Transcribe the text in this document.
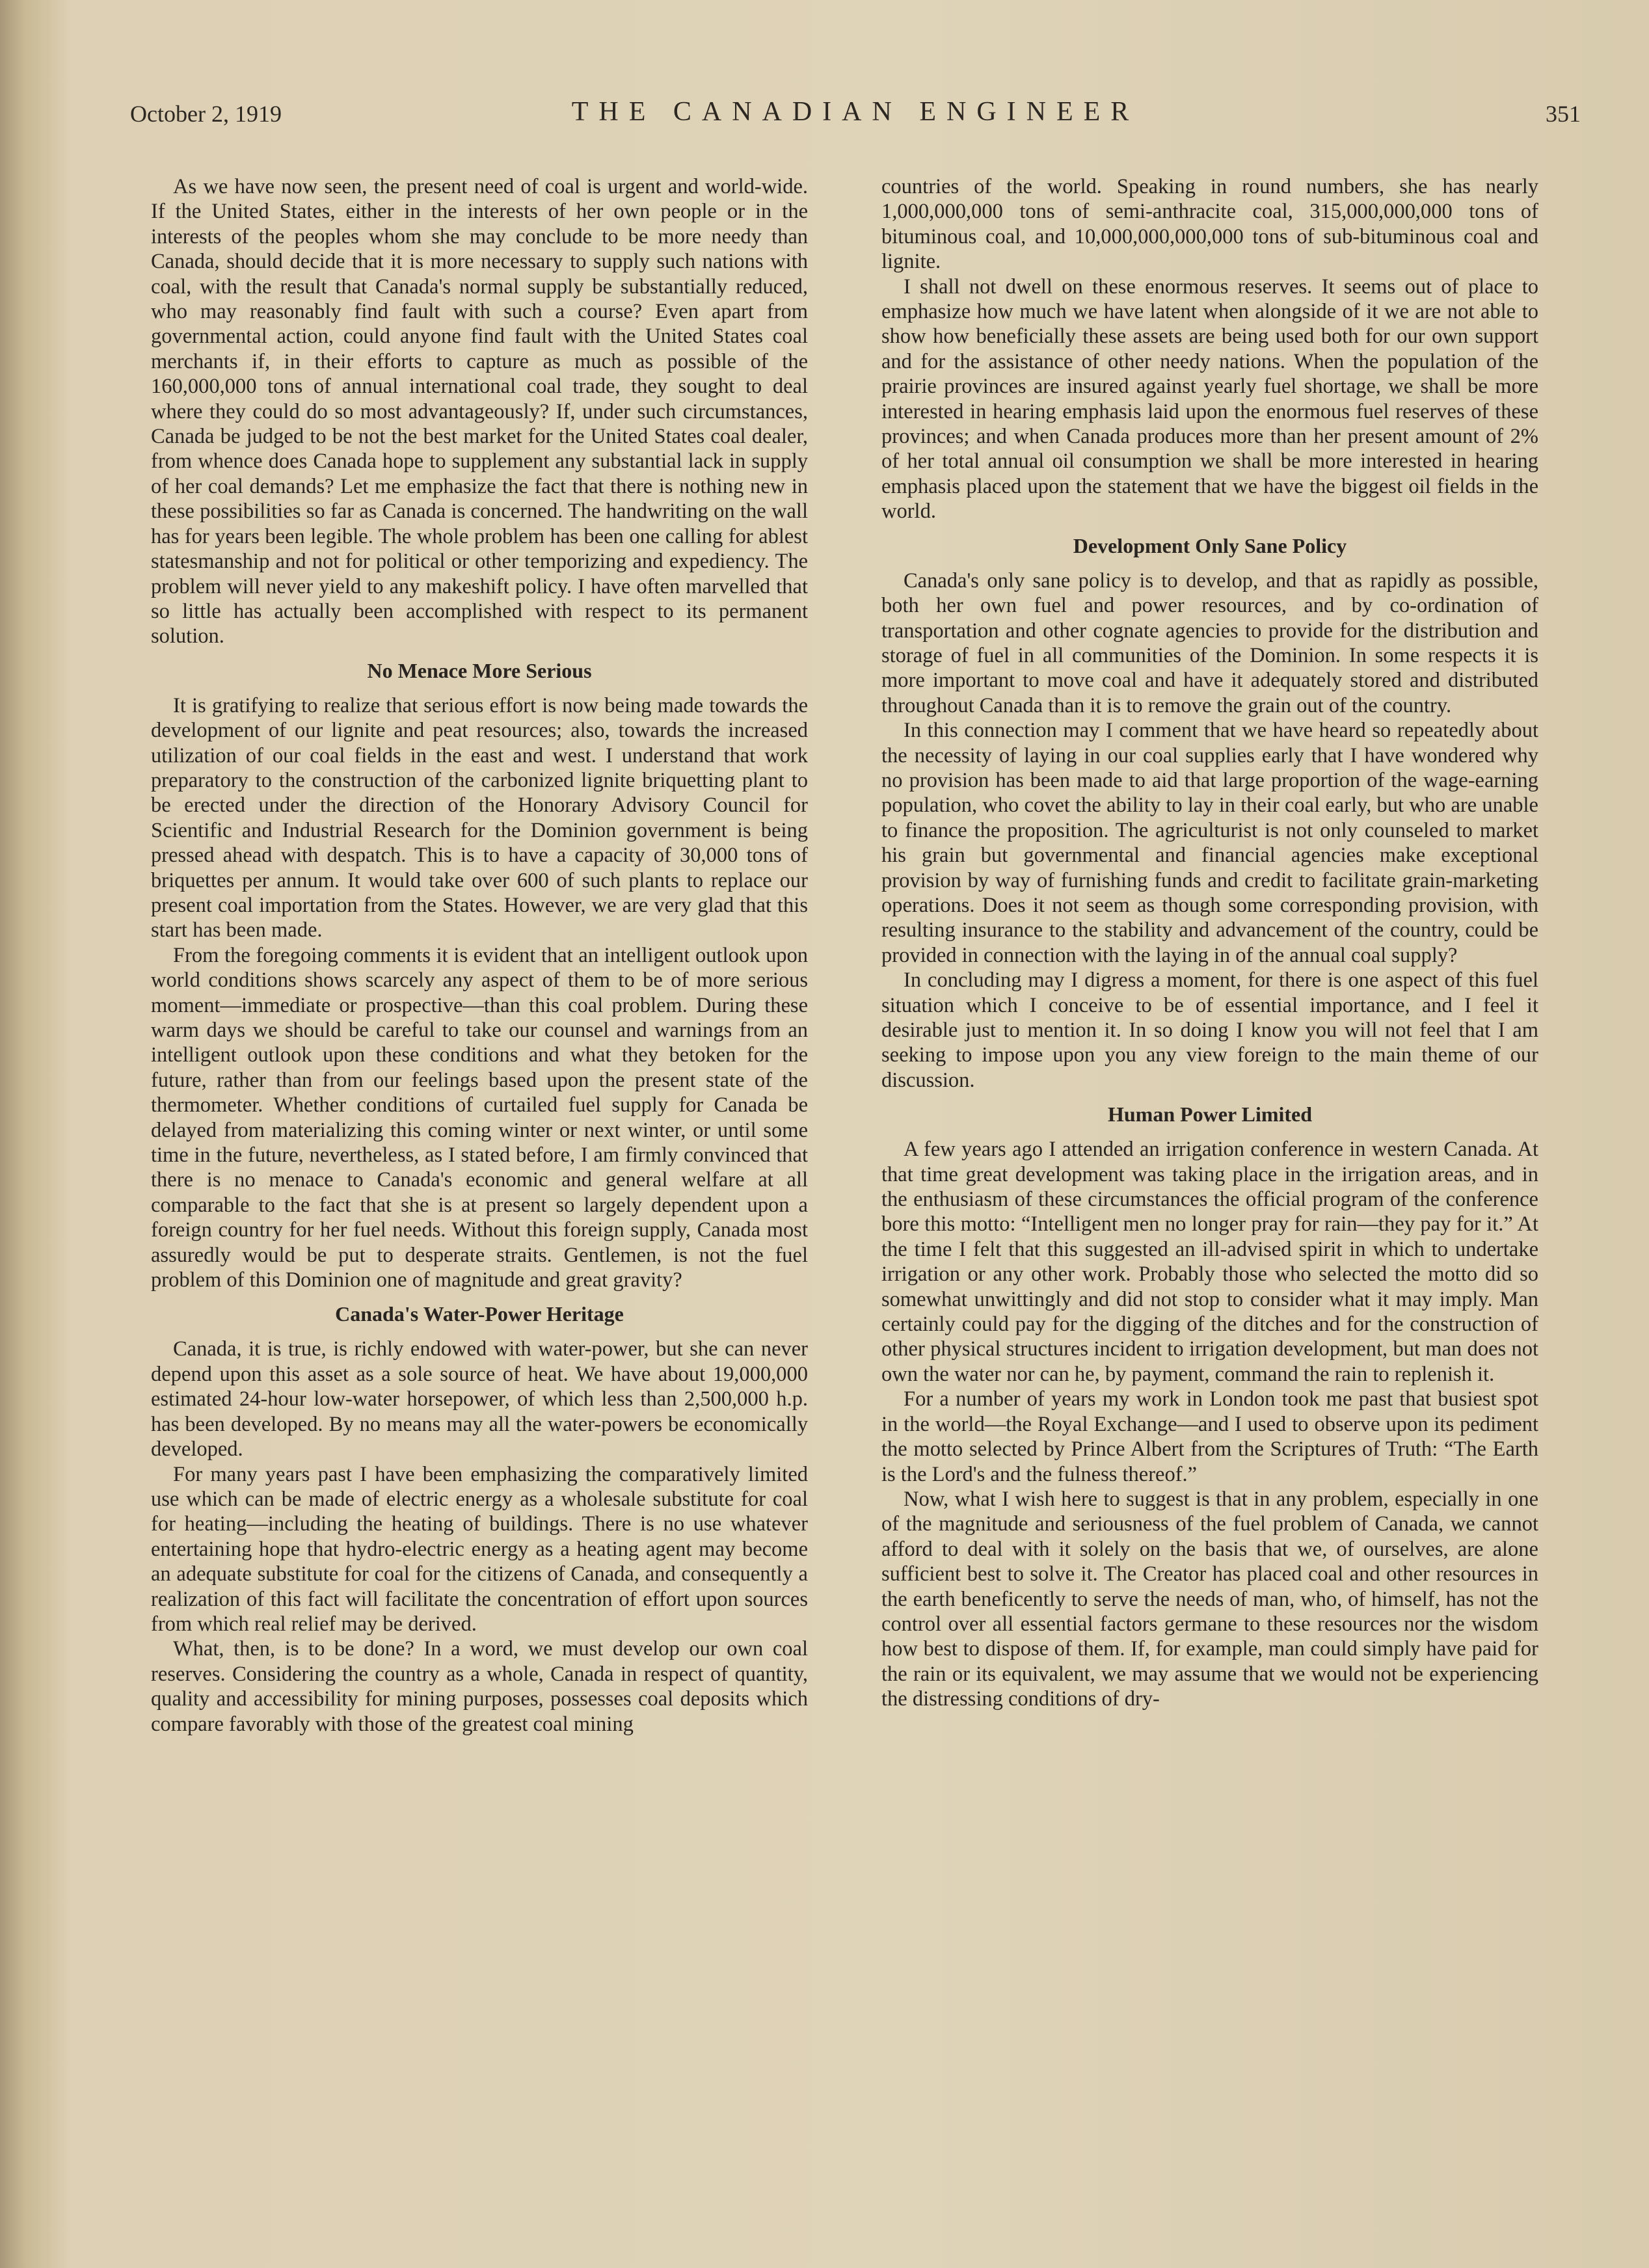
October 2, 1919	THE CANADIAN ENGINEER	351

As we have now seen, the present need of coal is urgent and world-wide. If the United States, either in the interests of her own people or in the interests of the peoples whom she may conclude to be more needy than Canada, should decide that it is more necessary to supply such nations with coal, with the result that Canada's normal supply be substantially reduced, who may reasonably find fault with such a course? Even apart from governmental action, could anyone find fault with the United States coal merchants if, in their efforts to capture as much as possible of the 160,000,000 tons of annual international coal trade, they sought to deal where they could do so most advantageously? If, under such circumstances, Canada be judged to be not the best market for the United States coal dealer, from whence does Canada hope to supplement any substantial lack in supply of her coal demands? Let me emphasize the fact that there is nothing new in these possibilities so far as Canada is concerned. The handwriting on the wall has for years been legible. The whole problem has been one calling for ablest statesmanship and not for political or other temporizing and expediency. The problem will never yield to any makeshift policy. I have often marvelled that so little has actually been accomplished with respect to its permanent solution.

No Menace More Serious

It is gratifying to realize that serious effort is now being made towards the development of our lignite and peat resources; also, towards the increased utilization of our coal fields in the east and west. I understand that work preparatory to the construction of the carbonized lignite briquetting plant to be erected under the direction of the Honorary Advisory Council for Scientific and Industrial Research for the Dominion government is being pressed ahead with despatch. This is to have a capacity of 30,000 tons of briquettes per annum. It would take over 600 of such plants to replace our present coal importation from the States. However, we are very glad that this start has been made.

From the foregoing comments it is evident that an intelligent outlook upon world conditions shows scarcely any aspect of them to be of more serious moment—immediate or prospective—than this coal problem. During these warm days we should be careful to take our counsel and warnings from an intelligent outlook upon these conditions and what they betoken for the future, rather than from our feelings based upon the present state of the thermometer. Whether conditions of curtailed fuel supply for Canada be delayed from materializing this coming winter or next winter, or until some time in the future, nevertheless, as I stated before, I am firmly convinced that there is no menace to Canada's economic and general welfare at all comparable to the fact that she is at present so largely dependent upon a foreign country for her fuel needs. Without this foreign supply, Canada most assuredly would be put to desperate straits. Gentlemen, is not the fuel problem of this Dominion one of magnitude and great gravity?

Canada's Water-Power Heritage

Canada, it is true, is richly endowed with water-power, but she can never depend upon this asset as a sole source of heat. We have about 19,000,000 estimated 24-hour low-water horsepower, of which less than 2,500,000 h.p. has been developed. By no means may all the water-powers be economically developed.

For many years past I have been emphasizing the comparatively limited use which can be made of electric energy as a wholesale substitute for coal for heating—including the heating of buildings. There is no use whatever entertaining hope that hydro-electric energy as a heating agent may become an adequate substitute for coal for the citizens of Canada, and consequently a realization of this fact will facilitate the concentration of effort upon sources from which real relief may be derived.

What, then, is to be done? In a word, we must develop our own coal reserves. Considering the country as a whole, Canada in respect of quantity, quality and accessibility for mining purposes, possesses coal deposits which compare favorably with those of the greatest coal mining

countries of the world. Speaking in round numbers, she has nearly 1,000,000,000 tons of semi-anthracite coal, 315,000,000,000 tons of bituminous coal, and 10,000,000,000,000 tons of sub-bituminous coal and lignite.

I shall not dwell on these enormous reserves. It seems out of place to emphasize how much we have latent when alongside of it we are not able to show how beneficially these assets are being used both for our own support and for the assistance of other needy nations. When the population of the prairie provinces are insured against yearly fuel shortage, we shall be more interested in hearing emphasis laid upon the enormous fuel reserves of these provinces; and when Canada produces more than her present amount of 2% of her total annual oil consumption we shall be more interested in hearing emphasis placed upon the statement that we have the biggest oil fields in the world.

Development Only Sane Policy

Canada's only sane policy is to develop, and that as rapidly as possible, both her own fuel and power resources, and by co-ordination of transportation and other cognate agencies to provide for the distribution and storage of fuel in all communities of the Dominion. In some respects it is more important to move coal and have it adequately stored and distributed throughout Canada than it is to remove the grain out of the country.

In this connection may I comment that we have heard so repeatedly about the necessity of laying in our coal supplies early that I have wondered why no provision has been made to aid that large proportion of the wage-earning population, who covet the ability to lay in their coal early, but who are unable to finance the proposition. The agriculturist is not only counseled to market his grain but governmental and financial agencies make exceptional provision by way of furnishing funds and credit to facilitate grain-marketing operations. Does it not seem as though some corresponding provision, with resulting insurance to the stability and advancement of the country, could be provided in connection with the laying in of the annual coal supply?

In concluding may I digress a moment, for there is one aspect of this fuel situation which I conceive to be of essential importance, and I feel it desirable just to mention it. In so doing I know you will not feel that I am seeking to impose upon you any view foreign to the main theme of our discussion.

Human Power Limited

A few years ago I attended an irrigation conference in western Canada. At that time great development was taking place in the irrigation areas, and in the enthusiasm of these circumstances the official program of the conference bore this motto: “Intelligent men no longer pray for rain—they pay for it.” At the time I felt that this suggested an ill-advised spirit in which to undertake irrigation or any other work. Probably those who selected the motto did so somewhat unwittingly and did not stop to consider what it may imply. Man certainly could pay for the digging of the ditches and for the construction of other physical structures incident to irrigation development, but man does not own the water nor can he, by payment, command the rain to replenish it.

For a number of years my work in London took me past that busiest spot in the world—the Royal Exchange—and I used to observe upon its pediment the motto selected by Prince Albert from the Scriptures of Truth: “The Earth is the Lord's and the fulness thereof.”

Now, what I wish here to suggest is that in any problem, especially in one of the magnitude and seriousness of the fuel problem of Canada, we cannot afford to deal with it solely on the basis that we, of ourselves, are alone sufficient best to solve it. The Creator has placed coal and other resources in the earth beneficently to serve the needs of man, who, of himself, has not the control over all essential factors germane to these resources nor the wisdom how best to dispose of them. If, for example, man could simply have paid for the rain or its equivalent, we may assume that we would not be experiencing the distressing conditions of dry-
